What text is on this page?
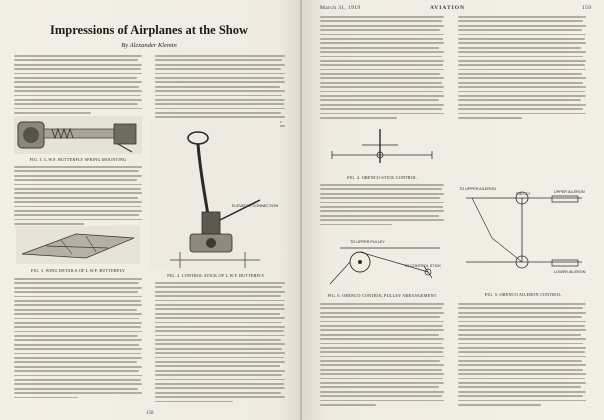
Impressions of Airplanes at the Show
By Alexander Klemin
FIG. 1. L.W.F. BUTTERFLY SPRING MOUNTING
ELEVATOR CONNECTION
FIG. 3. WING DETAILS OF L.W.F. BUTTERFLY
FIG. 2. CONTROL STICK OF L.W.F. BUTTERFLY
158
March 31, 1919	AVIATION	159
FIG. 4. ORENCO STICK CONTROL
TO UPPER AILERON
PULLEY	UPPER AILERON
LOWER AILERON
FIG. 5. ORENCO AILERON CONTROL
TO UPPER PULLEY
TO CONTROL STICK
FIG. 6. ORENCO CONTROL PULLEY ARRANGEMENT
